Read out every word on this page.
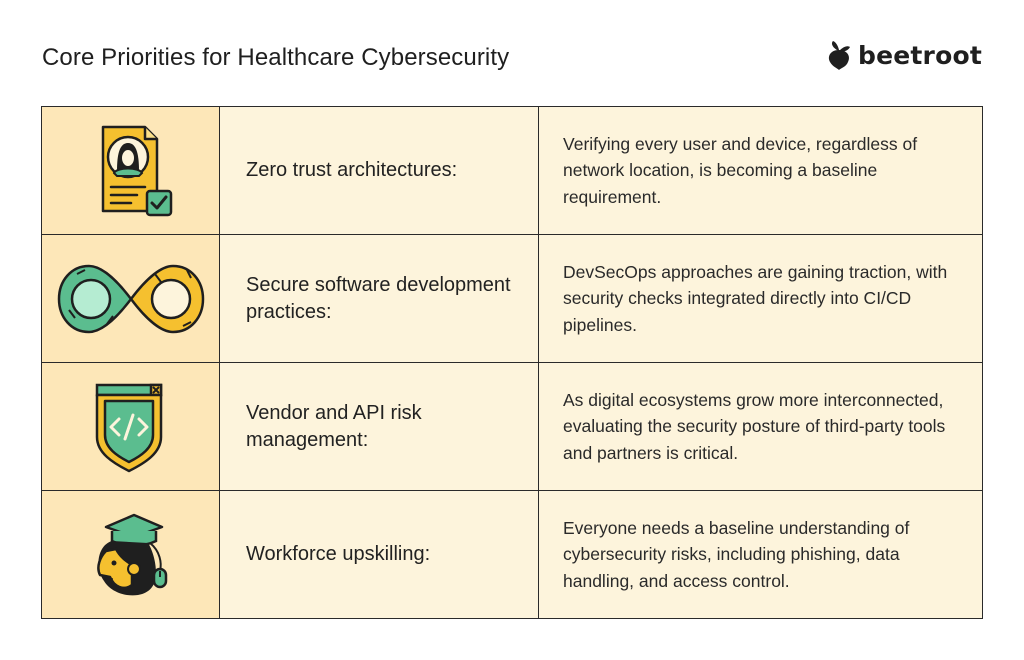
Core Priorities for Healthcare Cybersecurity	beetroot
	Zero trust architectures:	Verifying every user and device, regardless of network location, is becoming a baseline requirement.

	Secure software development practices:	DevSecOps approaches are gaining traction, with security checks integrated directly into CI/CD pipelines.

	Vendor and API risk management:	As digital ecosystems grow more interconnected, evaluating the security posture of third-party tools and partners is critical.

	Workforce upskilling:	Everyone needs a baseline understanding of cybersecurity risks, including phishing, data handling, and access control.
